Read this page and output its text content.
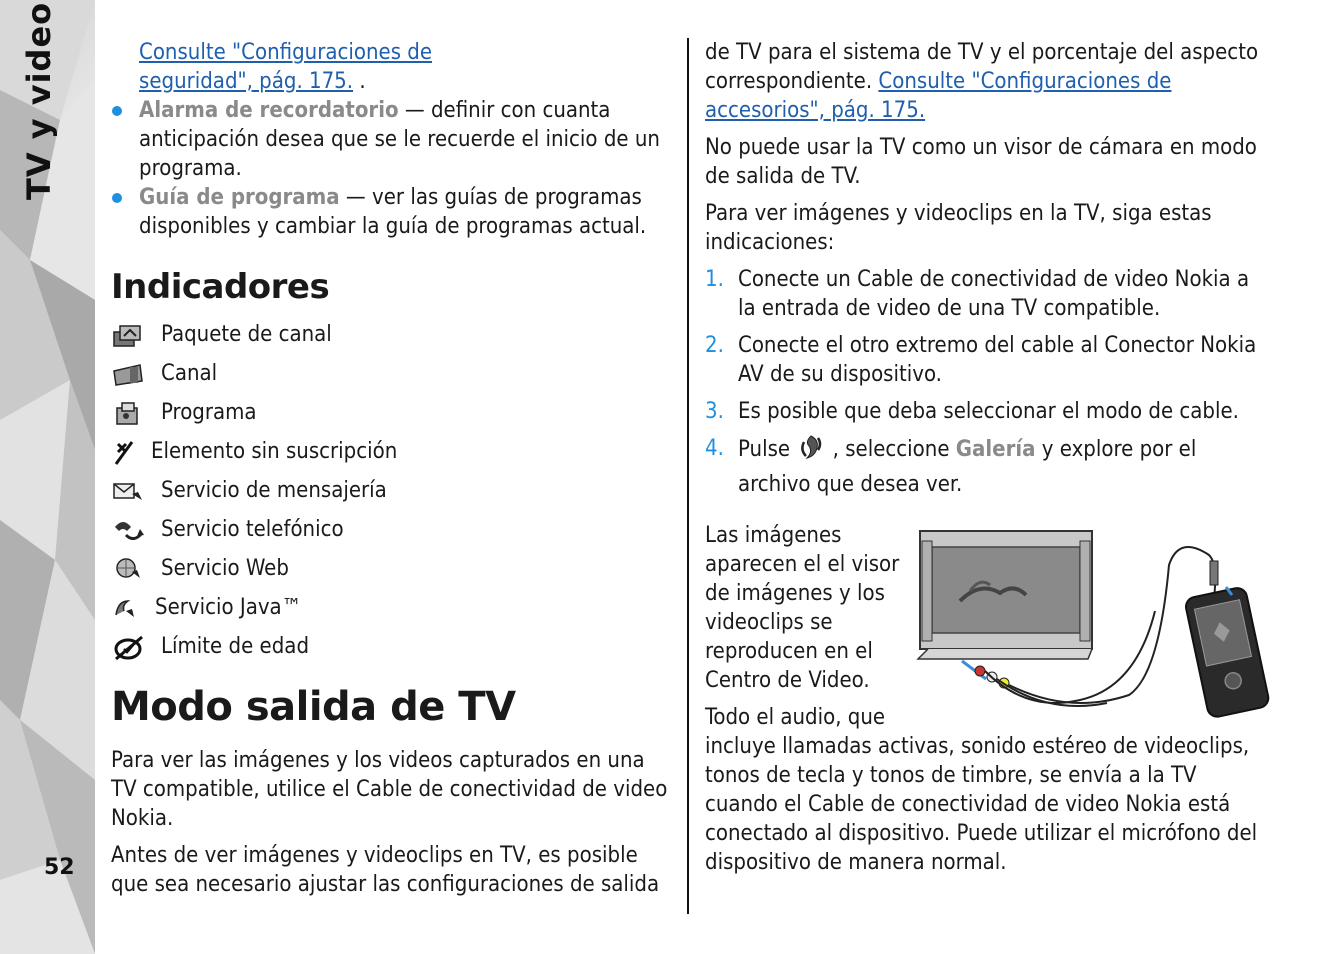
TV y video
52

Consulte "Configuraciones de
seguridad", pág. 175. .

Alarma de recordatorio — definir con cuanta anticipación desea que se le recuerde el inicio de un programa.
Guía de programa — ver las guías de programas disponibles y cambiar la guía de programas actual.
Indicadores
Paquete de canal
Canal
Programa
Elemento sin suscripción
Servicio de mensajería
Servicio telefónico
Servicio Web
Servicio Java™
Límite de edad
Modo salida de TV

Para ver las imágenes y los videos capturados en una TV compatible, utilice el Cable de conectividad de video Nokia.

Antes de ver imágenes y videoclips en TV, es posible que sea necesario ajustar las configuraciones de salida

de TV para el sistema de TV y el porcentaje del aspecto correspondiente. Consulte "Configuraciones de accesorios", pág. 175.

No puede usar la TV como un visor de cámara en modo de salida de TV.

Para ver imágenes y videoclips en la TV, siga estas indicaciones:

1. Conecte un Cable de conectividad de video Nokia a la entrada de video de una TV compatible.
2. Conecte el otro extremo del cable al Conector Nokia AV de su dispositivo.
3. Es posible que deba seleccionar el modo de cable.
4. Pulse  , seleccione Galería y explore por el archivo que desea ver.

Las imágenes aparecen el el visor de imágenes y los videoclips se reproducen en el Centro de Video.

Todo el audio, que incluye llamadas activas, sonido estéreo de videoclips, tonos de tecla y tonos de timbre, se envía a la TV cuando el Cable de conectividad de video Nokia está conectado al dispositivo. Puede utilizar el micrófono del dispositivo de manera normal.
